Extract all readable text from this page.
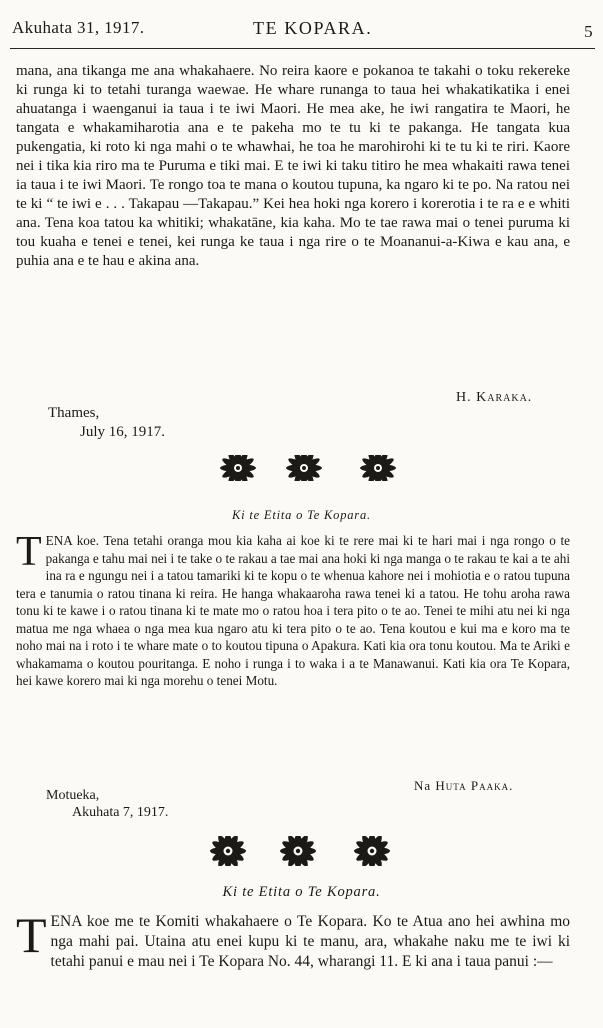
Akuhata 31, 1917.	TE KOPARA.	5
mana, ana tikanga me ana whakahaere. No reira kaore e pokanoa te takahi o toku rekereke ki runga ki to tetahi turanga waewae. He whare runanga to taua hei whakatikatika i enei ahuatanga i waenganui ia taua i te iwi Maori. He mea ake, he iwi rangatira te Maori, he tangata e whakamiharotia ana e te pakeha mo te tu ki te pakanga. He tangata kua pukengatia, ki roto ki nga mahi o te whawhai, he toa he marohirohi ki te tu ki te riri. Kaore nei i tika kia riro ma te Puruma e tiki mai. E te iwi ki taku titiro he mea whakaiti rawa tenei ia taua i te iwi Maori. Te rongo toa te mana o koutou tupuna, ka ngaro ki te po. Na ratou nei te ki “ te iwi e . . . Takapau —Takapau.” Kei hea hoki nga korero i korerotia i te ra e e whiti ana. Tena koa tatou ka whitiki; whakatāne, kia kaha. Mo te tae rawa mai o tenei puruma ki tou kuaha e tenei e tenei, kei runga ke taua i nga rire o te Moananui-a-Kiwa e kau ana, e puhia ana e te hau e akina ana.
H. Karaka.
Thames,
July 16, 1917.
Ki te Etita o Te Kopara.
TENA koe. Tena tetahi oranga mou kia kaha ai koe ki te rere mai ki te hari mai i nga rongo o te pakanga e tahu mai nei i te take o te rakau a tae mai ana hoki ki nga manga o te rakau te kai a te ahi ina ra e ngungu nei i a tatou tamariki ki te kopu o te whenua kahore nei i mohiotia e o ratou tupuna tera e tanumia o ratou tinana ki reira. He hanga whakaaroha rawa tenei ki a tatou. He tohu aroha rawa tonu ki te kawe i o ratou tinana ki te mate mo o ratou hoa i tera pito o te ao. Tenei te mihi atu nei ki nga matua me nga whaea o nga mea kua ngaro atu ki tera pito o te ao. Tena koutou e kui ma e koro ma te noho mai na i roto i te whare mate o to koutou tipuna o Apakura. Kati kia ora tonu koutou. Ma te Ariki e whakamama o koutou pouritanga. E noho i runga i to waka i a te Manawanui. Kati kia ora Te Kopara, hei kawe korero mai ki nga morehu o tenei Motu.
Na Huta Paaka.
Motueka,
Akuhata 7, 1917.
Ki te Etita o Te Kopara.
TENA koe me te Komiti whakahaere o Te Kopara. Ko te Atua ano hei awhina mo nga mahi pai. Utaina atu enei kupu ki te manu, ara, whakahe naku me te iwi ki tetahi panui e mau nei i Te Kopara No. 44, wharangi 11. E ki ana i taua panui :—
